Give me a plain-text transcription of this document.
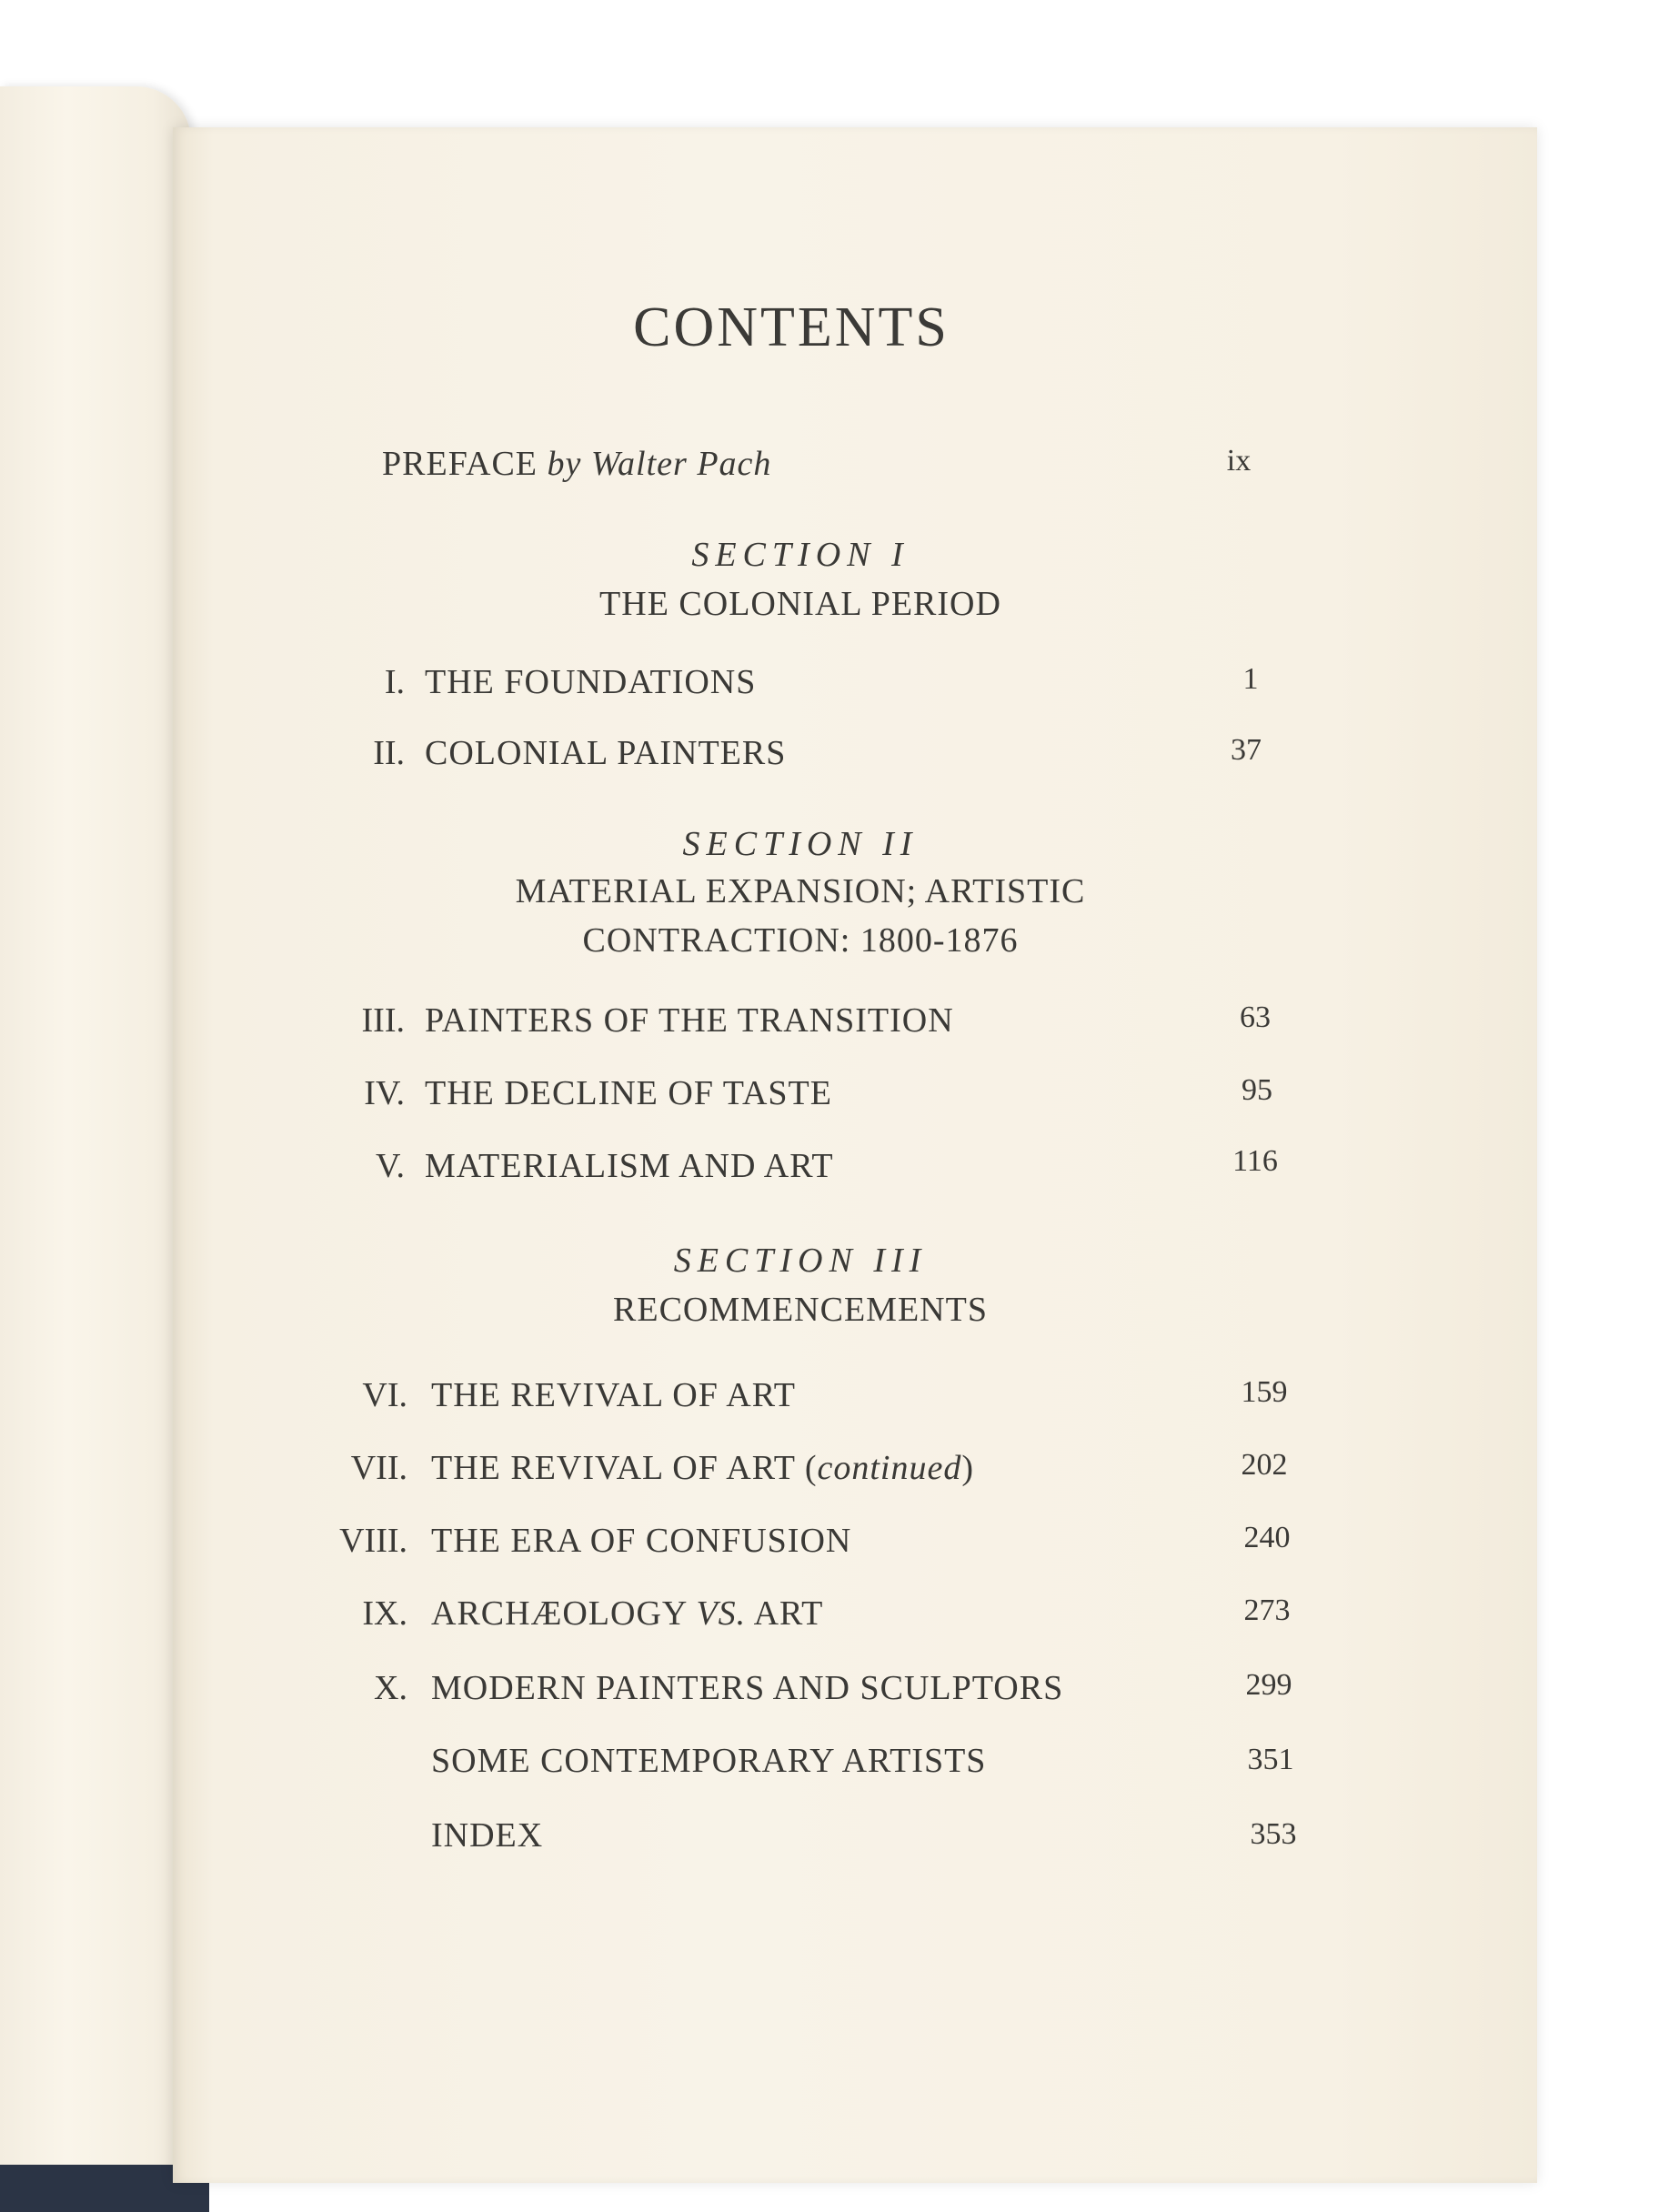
CONTENTS
PREFACE by Walter Pach	ix
SECTION I
THE COLONIAL PERIOD
I. THE FOUNDATIONS	1
II. COLONIAL PAINTERS	37
SECTION II
MATERIAL EXPANSION; ARTISTIC
CONTRACTION: 1800-1876
III. PAINTERS OF THE TRANSITION	63
IV. THE DECLINE OF TASTE	95
V. MATERIALISM AND ART	116
SECTION III
RECOMMENCEMENTS
VI. THE REVIVAL OF ART	159
VII. THE REVIVAL OF ART (continued)	202
VIII. THE ERA OF CONFUSION	240
IX. ARCHÆOLOGY VS. ART	273
X. MODERN PAINTERS AND SCULPTORS	299
SOME CONTEMPORARY ARTISTS	351
INDEX	353
